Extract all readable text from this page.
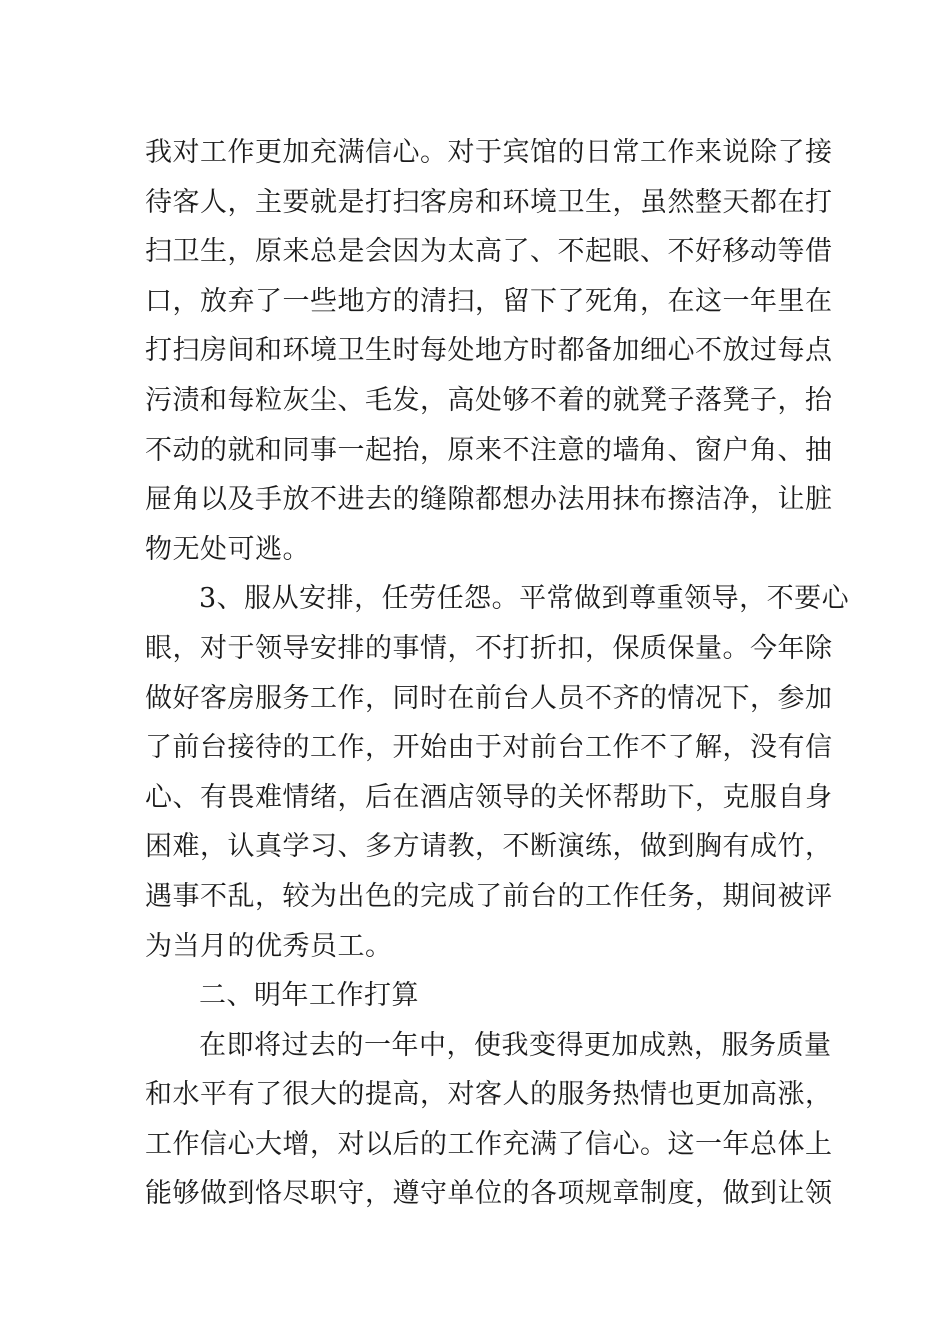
我对工作更加充满信心。对于宾馆的日常工作来说除了接
待客人，主要就是打扫客房和环境卫生，虽然整天都在打
扫卫生，原来总是会因为太高了、不起眼、不好移动等借
口，放弃了一些地方的清扫，留下了死角，在这一年里在
打扫房间和环境卫生时每处地方时都备加细心不放过每点
污渍和每粒灰尘、毛发，高处够不着的就凳子落凳子，抬
不动的就和同事一起抬，原来不注意的墙角、窗户角、抽
屉角以及手放不进去的缝隙都想办法用抹布擦洁净，让脏
物无处可逃。
3、服从安排，任劳任怨。平常做到尊重领导，不要心
眼，对于领导安排的事情，不打折扣，保质保量。今年除
做好客房服务工作，同时在前台人员不齐的情况下，参加
了前台接待的工作，开始由于对前台工作不了解，没有信
心、有畏难情绪，后在酒店领导的关怀帮助下，克服自身
困难，认真学习、多方请教，不断演练，做到胸有成竹，
遇事不乱，较为出色的完成了前台的工作任务，期间被评
为当月的优秀员工。
二、明年工作打算
在即将过去的一年中，使我变得更加成熟，服务质量
和水平有了很大的提高，对客人的服务热情也更加高涨，
工作信心大增，对以后的工作充满了信心。这一年总体上
能够做到恪尽职守，遵守单位的各项规章制度，做到让领
